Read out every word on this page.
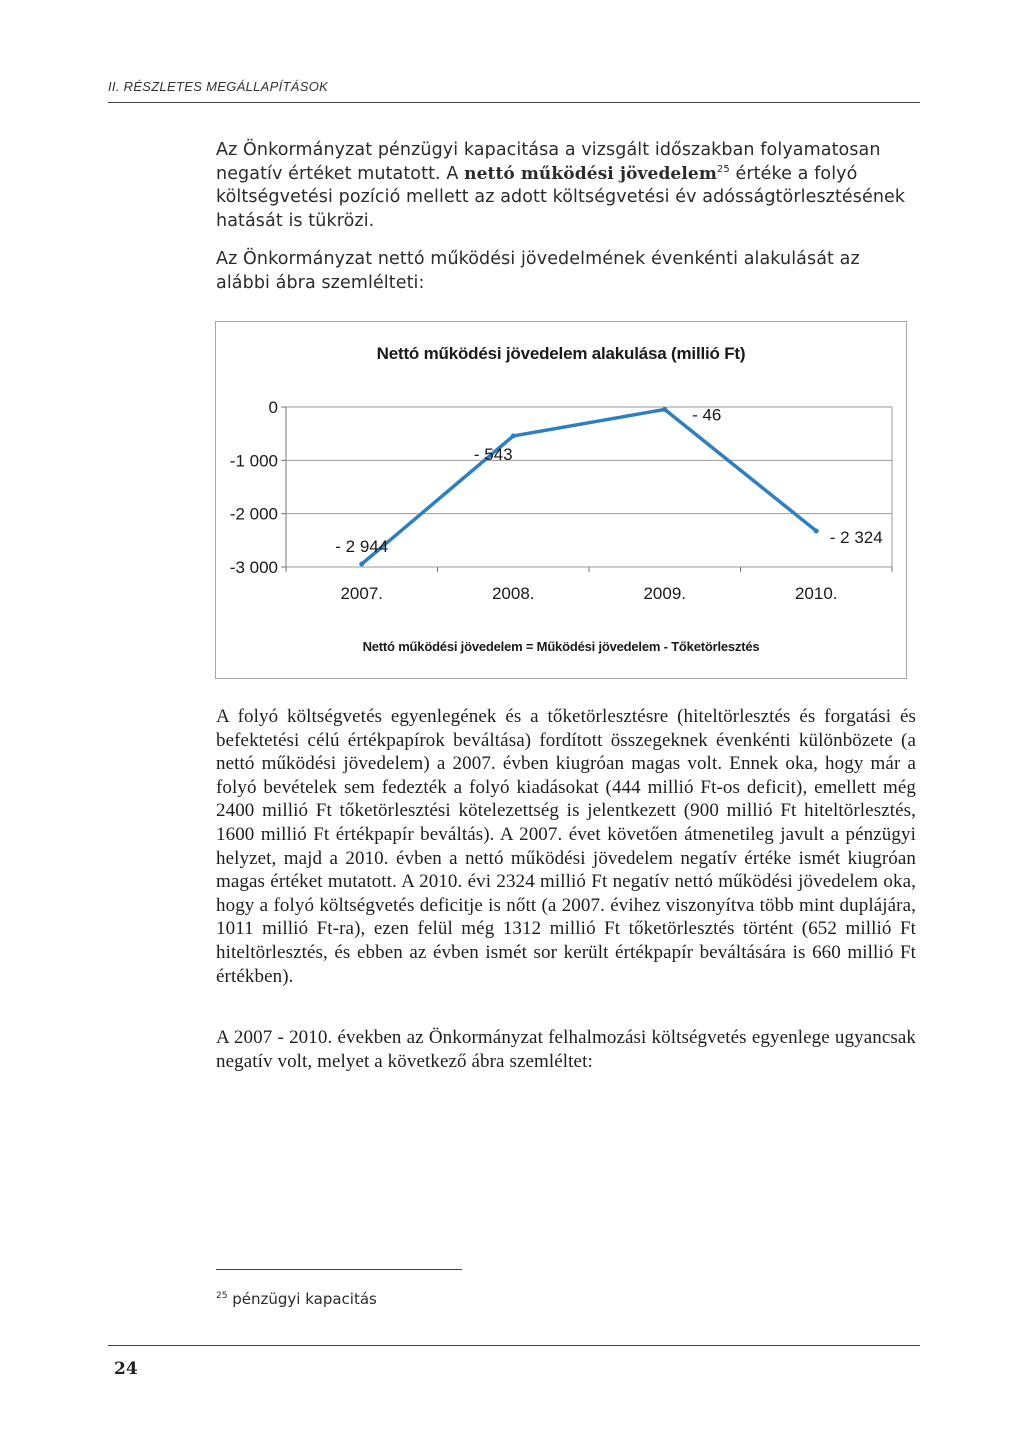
II. RÉSZLETES MEGÁLLAPÍTÁSOK

Az Önkormányzat pénzügyi kapacitása a vizsgált időszakban folyamatosan negatív értéket mutatott. A nettó működési jövedelem$^{25}$ értéke a folyó költségvetési pozíció mellett az adott költségvetési év adósságtörlesztésének hatását is tükrözi.

Az Önkormányzat nettó működési jövedelmének évenkénti alakulását az alábbi ábra szemlélteti:

Nettó működési jövedelem alakulása (millió Ft)
0
-1 000
-2 000
-3 000
2007.	2008.	2009.	2010.
- 2 944
- 543
- 46
- 2 324
Nettó működési jövedelem = Működési jövedelem - Tőketörlesztés

A folyó költségvetés egyenlegének és a tőketörlesztésre (hiteltörlesztés és forgatási és befektetési célú értékpapírok beváltása) fordított összegeknek évenkénti különbözete (a nettó működési jövedelem) a 2007. évben kiugróan magas volt. Ennek oka, hogy már a folyó bevételek sem fedezték a folyó kiadásokat (444 millió Ft-os deficit), emellett még 2400 millió Ft tőketörlesztési kötelezettség is jelentkezett (900 millió Ft hiteltörlesztés, 1600 millió Ft értékpapír beváltás). A 2007. évet követően átmenetileg javult a pénzügyi helyzet, majd a 2010. évben a nettó működési jövedelem negatív értéke ismét kiugróan magas értéket mutatott. A 2010. évi 2324 millió Ft negatív nettó működési jövedelem oka, hogy a folyó költségvetés deficitje is nőtt (a 2007. évihez viszonyítva több mint duplájára, 1011 millió Ft-ra), ezen felül még 1312 millió Ft tőketörlesztés történt (652 millió Ft hiteltörlesztés, és ebben az évben ismét sor került értékpapír beváltására is 660 millió Ft értékben).

A 2007 - 2010. években az Önkormányzat felhalmozási költségvetés egyenlege ugyancsak negatív volt, melyet a következő ábra szemléltet:

$^{25}$ pénzügyi kapacitás
24
